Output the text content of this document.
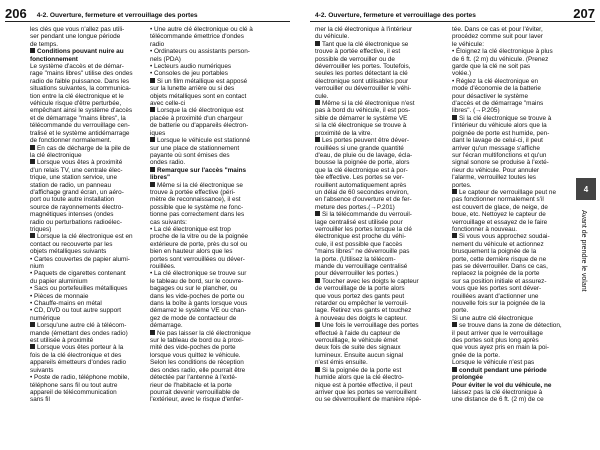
206 4-2. Ouverture, fermeture et verrouillage des portes	4-2. Ouverture, fermeture et verrouillage des portes	207

les clés que vous n'allez pas utili-

ser pendant une longue période

de temps.

Conditions pouvant nuire au

fonctionnement

Le système d'accès et de démar-

rage "mains libres" utilise des ondes

radio de faible puissance. Dans les

situations suivantes, la communica-

tion entre la clé électronique et le

véhicule risque d'être perturbée,

empêchant ainsi le système d'accès

et de démarrage "mains libres", la

télécommande du verrouillage cen-

tralisé et le système antidémarrage

de fonctionner normalement.

En cas de décharge de la pile de

la clé électronique

Lorsque vous êtes à proximité

d'un relais TV, une centrale élec-

trique, une station service, une

station de radio, un panneau

d'affichage grand écran, un aéro-

port ou toute autre installation

source de rayonnements électro-

magnétiques intenses (ondes

radio ou perturbations radioélec-

triques)

Lorsque la clé électronique est en

contact ou recouverte par les

objets métalliques suivants

• Cartes couvertes de papier alumi-

nium

• Paquets de cigarettes contenant

du papier aluminium

• Sacs ou portefeuilles métalliques

• Pièces de monnaie

• Chauffe-mains en métal

• CD, DVD ou tout autre support

numérique

Lorsqu'une autre clé à télécom-

mande (émettant des ondes radio)

est utilisée à proximité

Lorsque vous êtes porteur à la

fois de la clé électronique et des

appareils émetteurs d'ondes radio

suivants

• Poste de radio, téléphone mobile,

téléphone sans fil ou tout autre

appareil de télécommunication

sans fil

• Une autre clé électronique ou clé à

télécommande émettrice d'ondes

radio

• Ordinateurs ou assistants person-

nels (PDA)

• Lecteurs audio numériques

• Consoles de jeu portables

Si un film métallique est apposé

sur la lunette arrière ou si des

objets métalliques sont en contact

avec celle-ci

Lorsque la clé électronique est

placée à proximité d'un chargeur

de batterie ou d'appareils électron-

iques

Lorsque le véhicule est stationné

sur une place de stationnement

payante où sont émises des

ondes radio.

Remarque sur l'accès "mains

libres"

Même si la clé électronique se

trouve à portée effective (péri-

mètre de reconnaissance), il est

possible que le système ne fonc-

tionne pas correctement dans les

cas suivants:

• La clé électronique est trop

proche de la vitre ou de la poignée

extérieure de porte, près du sol ou

bien en hauteur alors que les

portes sont verrouillées ou déver-

rouillées.

• La clé électronique se trouve sur

le tableau de bord, sur le couvre-

bagages ou sur le plancher, ou

dans les vide-poches de porte ou

dans la boîte à gants lorsque vous

démarrez le système VE ou chan-

gez de mode de contacteur de

démarrage.

Ne pas laisser la clé électronique

sur le tableau de bord ou à proxi-

mité des vide-poches de porte

lorsque vous quittez le véhicule.

Selon les conditions de réception

des ondes radio, elle pourrait être

détectée par l'antenne à l'exté-

rieur de l'habitacle et la porte

pourrait devenir verrouillable de

l'extérieur, avec le risque d'enfer-

mer la clé électronique à l'intérieur

du véhicule.

Tant que la clé électronique se

trouve à portée effective, il est

possible de verrouiller ou de

déverrouiller les portes. Toutefois,

seules les portes détectant la clé

électronique sont utilisables pour

verrouiller ou déverrouiller le véhi-

cule.

Même si la clé électronique n'est

pas à bord du véhicule, il est pos-

sible de démarrer le système VE

si la clé électronique se trouve à

proximité de la vitre.

Les portes peuvent être déver-

rouillées si une grande quantité

d'eau, de pluie ou de lavage, écla-

bousse la poignée de porte, alors

que la clé électronique est à por-

tée effective. Les portes se ver-

rouillent automatiquement après

un délai de 60 secondes environ,

en l'absence d'ouverture et de fer-

meture des portes.(→P.201)

Si la télécommande du verrouil-

lage centralisé est utilisée pour

verrouiller les portes lorsque la clé

électronique est proche du véhi-

cule, il est possible que l'accès

"mains libres" ne déverrouille pas

la porte. (Utilisez la télécom-

mande du verrouillage centralisé

pour déverrouiller les portes.)

Toucher avec les doigts le capteur

de verrouillage de la porte alors

que vous portez des gants peut

retarder ou empêcher le verrouil-

lage. Retirez vos gants et touchez

à nouveau des doigts le capteur.

Une fois le verrouillage des portes

effectué à l'aide du capteur de

verrouillage, le véhicule émet

deux fois de suite des signaux

lumineux. Ensuite aucun signal

n'est émis ensuite.

Si la poignée de la porte est

humide alors que la clé électro-

nique est à portée effective, il peut

arriver que les portes se verrouillent

ou se déverrouillent de manière répé-

tée. Dans ce cas et pour l'éviter,

procédez comme suit pour laver

le véhicule:

• Éloignez la clé électronique à plus

de 6 ft. (2 m) du véhicule. (Prenez

garde que la clé ne soit pas

volée.)

• Réglez la clé électronique en

mode d'économie de la batterie

pour désactiver le système

d'accès et de démarrage "mains

libres". (→P.205)

Si la clé électronique se trouve à

l'intérieur du véhicule alors que la

poignée de porte est humide, pen-

dant le lavage de celui-ci, il peut

arriver qu'un message s'affiche

sur l'écran multifonctions et qu'un

signal sonore se produise à l'exté-

rieur du véhicule. Pour annuler

l'alarme, verrouillez toutes les

portes.

Le capteur de verrouillage peut ne

pas fonctionner normalement s'il

est couvert de glace, de neige, de

boue, etc. Nettoyez le capteur de

verrouillage et essayez de le faire

fonctionner à nouveau.

Si vous vous approchez soudai-

nement du véhicule et actionnez

brusquement la poignée de la

porte, cette dernière risque de ne

pas se déverrouiller. Dans ce cas,

replacez la poignée de la porte

sur sa position initiale et assurez-

vous que les portes sont déver-

rouillées avant d'actionner une

nouvelle fois sur la poignée de la

porte.

Si une autre clé électronique

se trouve dans la zone de détection,

il peut arriver que le verrouillage

des portes soit plus long après

que vous ayez pris en main la poi-

gnée de la porte.

Lorsque le véhicule n'est pas

conduit pendant une période

prolongée

Pour éviter le vol du véhicule, ne

laissez pas la clé électronique à

une distance de 6 ft. (2 m) de ce

4
Avant de prendre le volant
